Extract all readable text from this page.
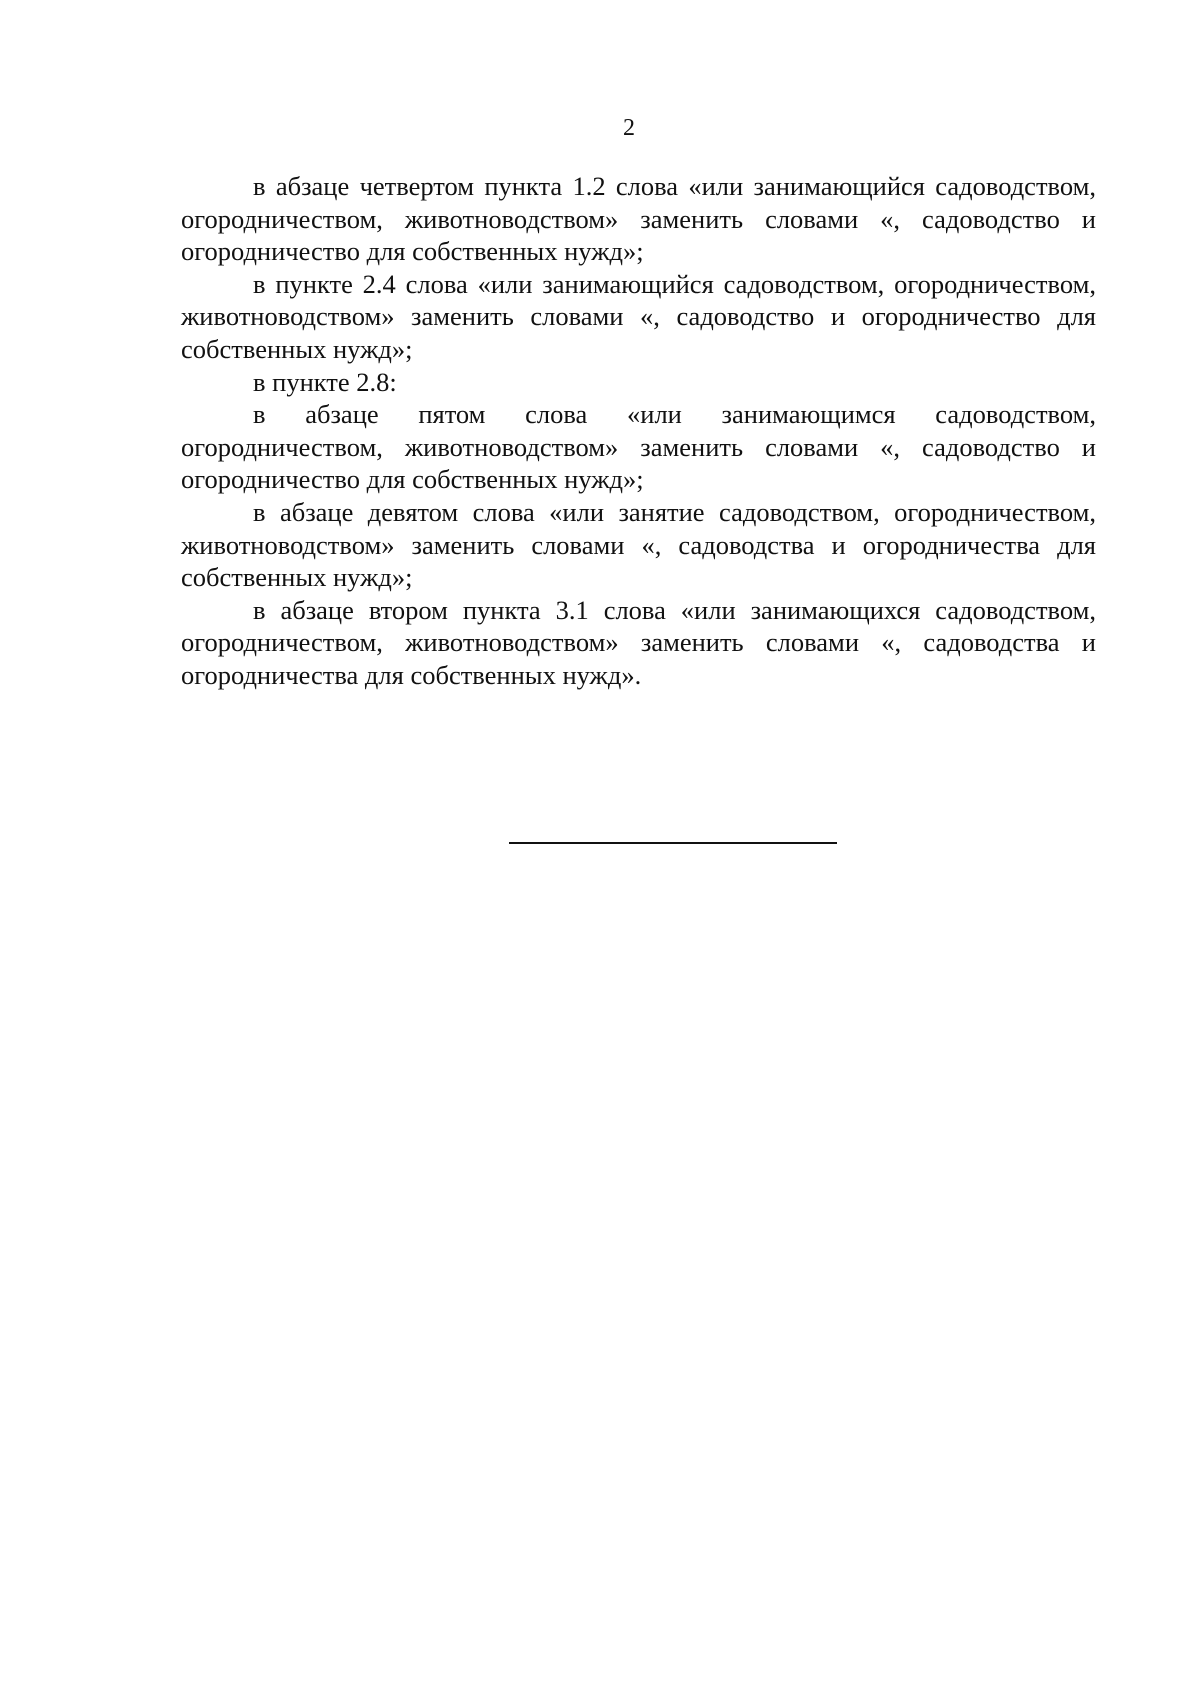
2

в абзаце четвертом пункта 1.2 слова «или занимающийся садоводством, огородничеством, животноводством» заменить словами «, садоводство и огородничество для собственных нужд»;

в пункте 2.4 слова «или занимающийся садоводством, огородничеством, животноводством» заменить словами «, садоводство и огородничество для собственных нужд»;

в пункте 2.8:

в абзаце пятом слова «или занимающимся садоводством, огородничеством, животноводством» заменить словами «, садоводство и огородничество для собственных нужд»;

в абзаце девятом слова «или занятие садоводством, огородничеством, животноводством» заменить словами «, садоводства и огородничества для собственных нужд»;

в абзаце втором пункта 3.1 слова «или занимающихся садоводством, огородничеством, животноводством» заменить словами «, садоводства и огородничества для собственных нужд».
